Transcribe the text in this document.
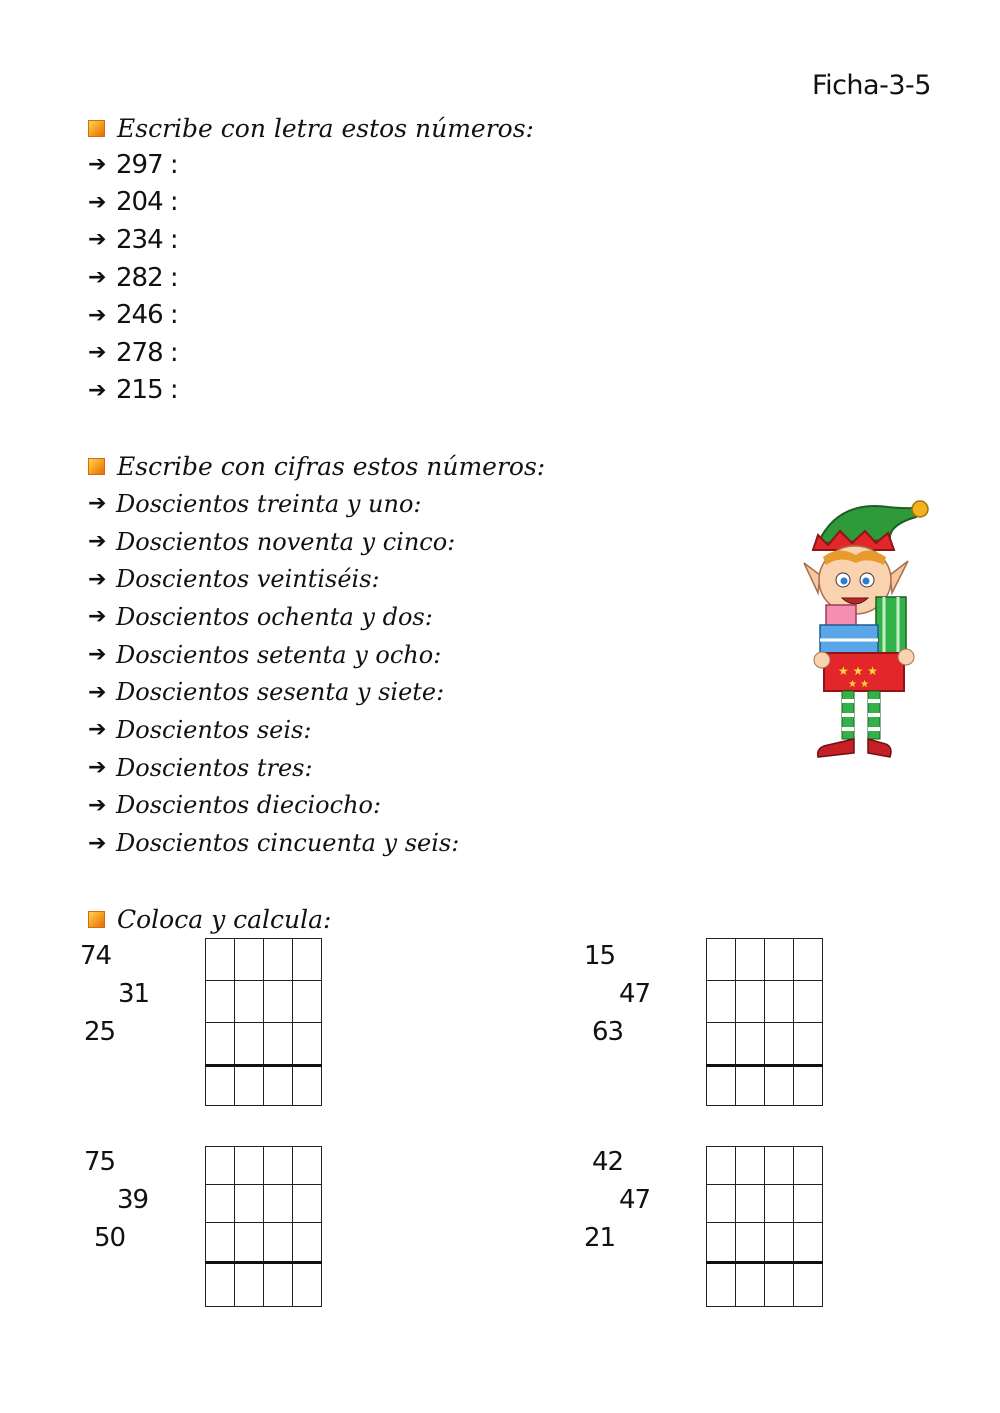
Ficha-3-5
Escribe con letra estos números:
➔ 297 :
➔ 204 :
➔ 234 :
➔ 282 :
➔ 246 :
➔ 278 :
➔ 215 :
Escribe con cifras estos números:
➔ Doscientos treinta y uno:
➔ Doscientos noventa y cinco:
➔ Doscientos veintiséis:
➔ Doscientos ochenta y dos:
➔ Doscientos setenta y ocho:
➔ Doscientos sesenta y siete:
➔ Doscientos seis:
➔ Doscientos tres:
➔ Doscientos dieciocho:
➔ Doscientos cincuenta y seis:
★ ★ ★
★ ★
Coloca y calcula:
74
31
25

15
47
63

75
39
50

42
47
21
